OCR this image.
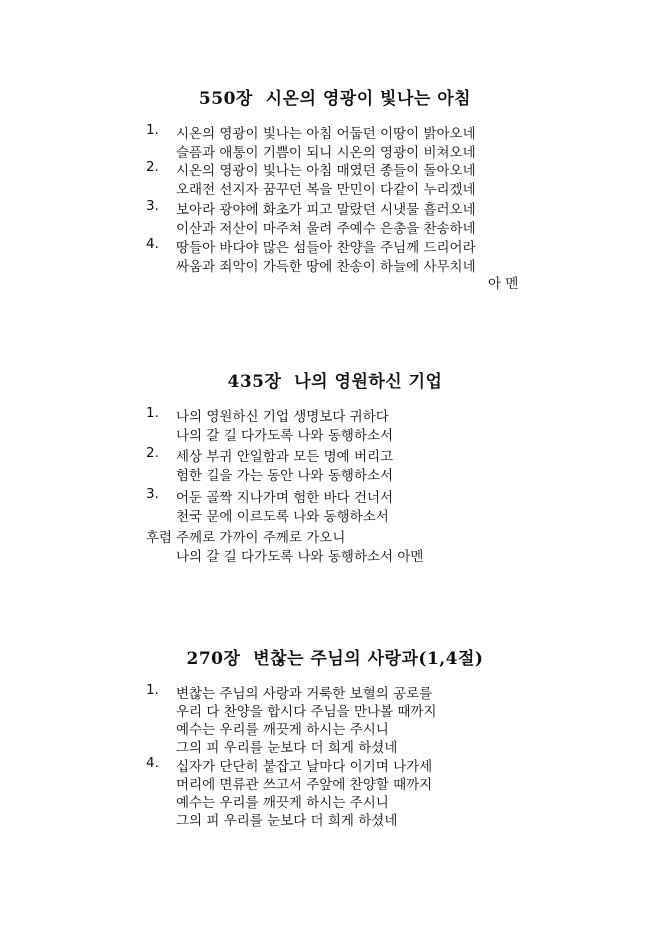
550장  시온의 영광이 빛나는 아침
1. 시온의 영광이 빛나는 아침 어둡던 이땅이 밝아오네
슬픔과 애통이 기쁨이 되니 시온의 영광이 비쳐오네
2. 시온의 영광이 빛나는 아침 매였던 종들이 돌아오네
오래전 선지자 꿈꾸던 복을 만민이 다같이 누리겠네
3. 보아라 광야에 화초가 피고 말랐던 시냇물 흘러오네
이산과 저산이 마주쳐 울려 주예수 은총을 찬송하네
4. 땅들아 바다야 많은 섬들아 찬양을 주님께 드리어라
싸움과 죄악이 가득한 땅에 찬송이 하늘에 사무치네
아 멘
435장  나의 영원하신 기업
1. 나의 영원하신 기업 생명보다 귀하다
나의 갈 길 다가도록 나와 동행하소서
2. 세상 부귀 안일함과 모든 명예 버리고
험한 길을 가는 동안 나와 동행하소서
3. 어둔 골짝 지나가며 험한 바다 건너서
천국 문에 이르도록 나와 동행하소서
후렴 주께로 가까이 주께로 가오니
나의 갈 길 다가도록 나와 동행하소서 아멘
270장  변찮는 주님의 사랑과(1,4절)
1. 변찮는 주님의 사랑과 거룩한 보혈의 공로를
우리 다 찬양을 합시다 주님을 만나볼 때까지
예수는 우리를 깨끗게 하시는 주시니
그의 피 우리를 눈보다 더 희게 하셨네
4. 십자가 단단히 붙잡고 날마다 이기며 나가세
머리에 면류관 쓰고서 주앞에 찬양할 때까지
예수는 우리를 깨끗게 하시는 주시니
그의 피 우리를 눈보다 더 희게 하셨네
